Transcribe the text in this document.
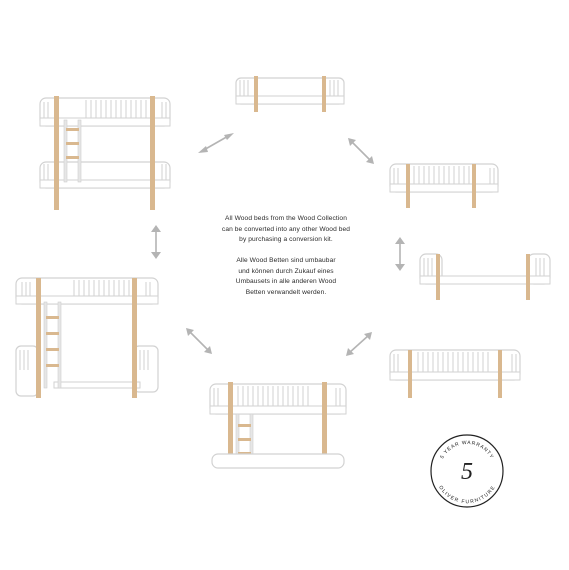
All Wood beds from the Wood Collection
can be converted into any other Wood bed
by purchasing a conversion kit.
Alle Wood Betten sind umbaubar
und können durch Zukauf eines
Umbausets in alle anderen Wood
Betten verwandelt werden.
5 YEAR WARRANTY
OLIVER FURNITURE
5
